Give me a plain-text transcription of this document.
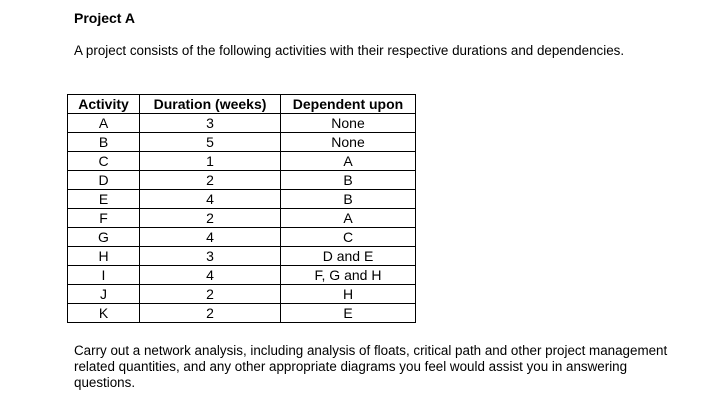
Project A

A project consists of the following activities with their respective durations and dependencies.

Activity	Duration (weeks)	Dependent upon
A	3	None
B	5	None
C	1	A
D	2	B
E	4	B
F	2	A
G	4	C
H	3	D and E
I	4	F, G and H
J	2	H
K	2	E

Carry out a network analysis, including analysis of floats, critical path and other project management related quantities, and any other appropriate diagrams you feel would assist you in answering questions.
